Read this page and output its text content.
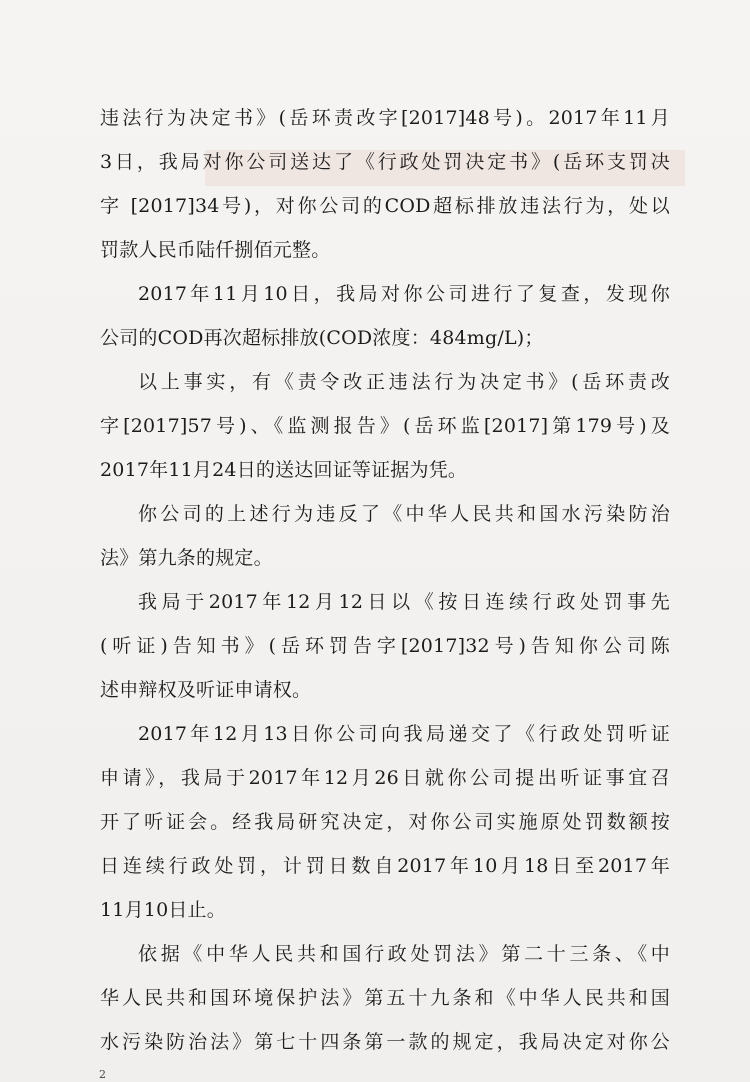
违法行为决定书》(岳环责改字[2017]48号)。2017年11月
3日，我局对你公司送达了《行政处罚决定书》(岳环支罚决
字 [2017]34号)，对你公司的COD超标排放违法行为，处以
罚款人民币陆仟捌佰元整。
2017年11月10日，我局对你公司进行了复查，发现你
公司的COD再次超标排放(COD浓度：484mg/L)；
以上事实，有《责令改正违法行为决定书》(岳环责改
字[2017]57号)、《监测报告》(岳环监[2017]第179号)及
2017年11月24日的送达回证等证据为凭。
你公司的上述行为违反了《中华人民共和国水污染防治
法》第九条的规定。
我局于2017年12月12日以《按日连续行政处罚事先
(听证)告知书》(岳环罚告字[2017]32号)告知你公司陈
述申辩权及听证申请权。
2017年12月13日你公司向我局递交了《行政处罚听证
申请》，我局于2017年12月26日就你公司提出听证事宜召
开了听证会。经我局研究决定，对你公司实施原处罚数额按
日连续行政处罚，计罚日数自2017年10月18日至2017年
11月10日止。
依据《中华人民共和国行政处罚法》第二十三条、《中
华人民共和国环境保护法》第五十九条和《中华人民共和国
水污染防治法》第七十四条第一款的规定，我局决定对你公
2
